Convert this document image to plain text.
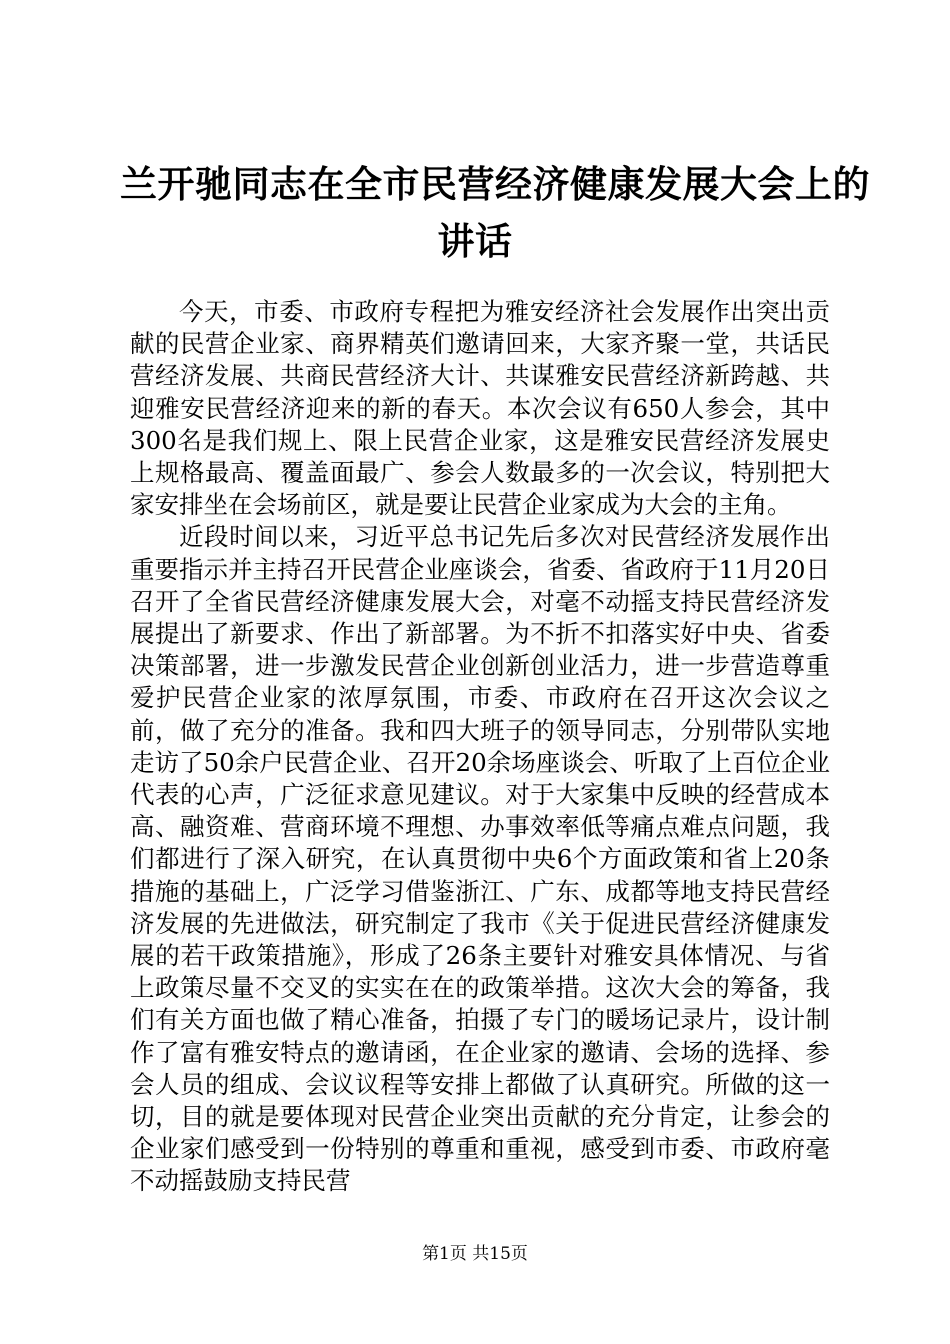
兰开驰同志在全市民营经济健康发展大会上的
讲话

今天，市委、市政府专程把为雅安经济社会发展作出突出贡献的民营企业家、商界精英们邀请回来，大家齐聚一堂，共话民营经济发展、共商民营经济大计、共谋雅安民营经济新跨越、共迎雅安民营经济迎来的新的春天。本次会议有650人参会，其中300名是我们规上、限上民营企业家，这是雅安民营经济发展史上规格最高、覆盖面最广、参会人数最多的一次会议，特别把大家安排坐在会场前区，就是要让民营企业家成为大会的主角。

近段时间以来，习近平总书记先后多次对民营经济发展作出重要指示并主持召开民营企业座谈会，省委、省政府于11月20日召开了全省民营经济健康发展大会，对毫不动摇支持民营经济发展提出了新要求、作出了新部署。为不折不扣落实好中央、省委决策部署，进一步激发民营企业创新创业活力，进一步营造尊重爱护民营企业家的浓厚氛围，市委、市政府在召开这次会议之前，做了充分的准备。我和四大班子的领导同志，分别带队实地走访了50余户民营企业、召开20余场座谈会、听取了上百位企业代表的心声，广泛征求意见建议。对于大家集中反映的经营成本高、融资难、营商环境不理想、办事效率低等痛点难点问题，我们都进行了深入研究，在认真贯彻中央6个方面政策和省上20条措施的基础上，广泛学习借鉴浙江、广东、成都等地支持民营经济发展的先进做法，研究制定了我市《关于促进民营经济健康发展的若干政策措施》，形成了26条主要针对雅安具体情况、与省上政策尽量不交叉的实实在在的政策举措。这次大会的筹备，我们有关方面也做了精心准备，拍摄了专门的暖场记录片，设计制作了富有雅安特点的邀请函，在企业家的邀请、会场的选择、参会人员的组成、会议议程等安排上都做了认真研究。所做的这一切，目的就是要体现对民营企业突出贡献的充分肯定，让参会的企业家们感受到一份特别的尊重和重视，感受到市委、市政府毫不动摇鼓励支持民营

第1页 共15页
